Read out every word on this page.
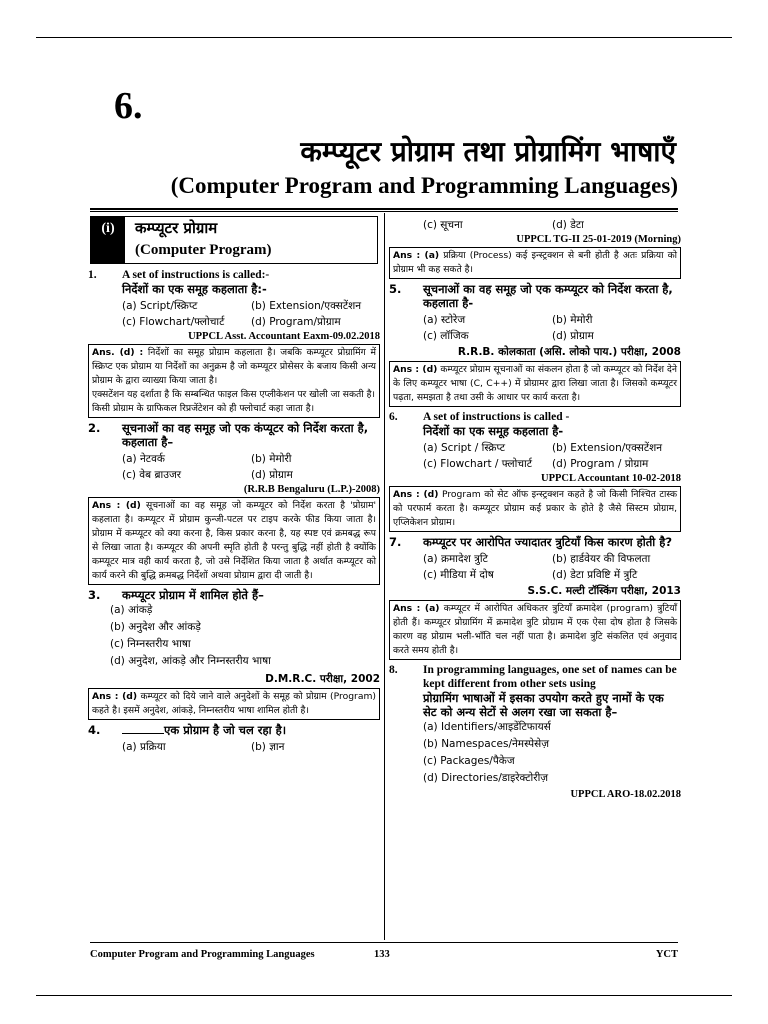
6.
कम्प्यूटर प्रोग्राम तथा प्रोग्रामिंग भाषाएँ
(Computer Program and Programming Languages)
(i)	कम्प्यूटर प्रोग्राम
(Computer Program)
1.	A set of instructions is called:-
निर्देशों का एक समूह कहलाता है:-
(a) Script/स्क्रिप्ट	(b) Extension/एक्सटेंशन
(c) Flowchart/फ्लोचार्ट	(d) Program/प्रोग्राम
UPPCL Asst. Accountant Eaxm-09.02.2018
Ans. (d) : निर्देशों का समूह प्रोग्राम कहलाता है। जबकि कम्प्यूटर प्रोग्रामिंग में स्क्रिप्ट एक प्रोग्राम या निर्देशों का अनुक्रम है जो कम्प्यूटर प्रोसेसर के बजाय किसी अन्य प्रोग्राम के द्वारा व्याख्या किया जाता है।
एक्सटेंशन यह दर्शाता है कि सम्बन्धित फाइल किस एप्लीकेशन पर खोली जा सकती है।
किसी प्रोग्राम के ग्राफिकल रिप्रजेंटेशन को ही फ्लोचार्ट कहा जाता है।
2.	सूचनाओं का वह समूह जो एक कंप्यूटर को निर्देश करता है, कहलाता है–
(a) नेटवर्क	(b) मेमोरी
(c) वेब ब्राउजर	(d) प्रोग्राम
(R.R.B Bengaluru (L.P.)-2008)
Ans : (d) सूचनाओं का वह समूह जो कम्प्यूटर को निर्देश करता है 'प्रोग्राम' कहलाता है। कम्प्यूटर में प्रोग्राम कुन्जी-पटल पर टाइप करके फीड किया जाता है। प्रोग्राम में कम्प्यूटर को क्या करना है, किस प्रकार करना है, यह स्पष्ट एवं क्रमबद्ध रूप से लिखा जाता है। कम्प्यूटर की अपनी स्मृति होती है परन्तु बुद्धि नहीं होती है क्योंकि कम्प्यूटर मात्र वही कार्य करता है, जो उसे निर्देशित किया जाता है अर्थात कम्प्यूटर को कार्य करने की बुद्धि क्रमबद्ध निर्देशों अथवा प्रोग्राम द्वारा दी जाती है।
3.	कम्प्यूटर प्रोग्राम में शामिल होते हैं–
(a) आंकड़े
(b) अनुदेश और आंकड़े
(c) निम्नस्तरीय भाषा
(d) अनुदेश, आंकड़े और निम्नस्तरीय भाषा
D.M.R.C. परीक्षा, 2002
Ans : (d) कम्प्यूटर को दिये जाने वाले अनुदेशों के समूह को प्रोग्राम (Program) कहते है। इसमें अनुदेश, आंकड़े, निम्नस्तरीय भाषा शामिल होती है।
4.	एक प्रोग्राम है जो चल रहा है।
(a) प्रक्रिया	(b) ज्ञान
(c) सूचना	(d) डेटा
UPPCL TG-II 25-01-2019 (Morning)
Ans : (a) प्रक्रिया (Process) कई इन्स्ट्रक्शन से बनी होती है अतः प्रक्रिया को प्रोग्राम भी कह सकते है।
5.	सूचनाओं का वह समूह जो एक कम्प्यूटर को निर्देश करता है, कहलाता है-
(a) स्टोरेज	(b) मेमोरी
(c) लॉजिक	(d) प्रोग्राम
R.R.B. कोलकाता (असि. लोको पाय.) परीक्षा, 2008
Ans : (d) कम्प्यूटर प्रोग्राम सूचनाओं का संकलन होता है जो कम्प्यूटर को निर्देश देने के लिए कम्प्यूटर भाषा (C, C++) में प्रोग्रामर द्वारा लिखा जाता है। जिसको कम्प्यूटर पढ़ता, समझता है तथा उसी के आधार पर कार्य करता है।
6.	A set of instructions is called -
निर्देशों का एक समूह कहलाता है-
(a) Script / स्क्रिप्ट	(b) Extension/एक्सटेंशन
(c) Flowchart / फ्लोचार्ट	(d) Program / प्रोग्राम
UPPCL Accountant 10-02-2018
Ans : (d) Program को सेट ऑफ इन्स्ट्रक्शन कहते है जो किसी निश्चित टास्क को परफार्म करता है। कम्प्यूटर प्रोग्राम कई प्रकार के होते है जैसे सिस्टम प्रोग्राम, एप्लिकेशन प्रोग्राम।
7.	कम्प्यूटर पर आरोपित ज्यादातर त्रुटियाँ किस कारण होती है?
(a) क्रमादेश त्रुटि	(b) हार्डवेयर की विफलता
(c) मीडिया में दोष	(d) डेटा प्रविष्टि में त्रुटि
S.S.C. मल्टी टॉस्किंग परीक्षा, 2013
Ans : (a) कम्प्यूटर में आरोपित अधिकतर त्रुटियाँ क्रमादेश (program) त्रुटियाँ होती हैं। कम्प्यूटर प्रोग्रामिंग में क्रमादेश त्रुटि प्रोग्राम में एक ऐसा दोष होता है जिसके कारण वह प्रोग्राम भली-भाँति चल नहीं पाता है। क्रमादेश त्रुटि संकलित एवं अनुवाद करते समय होती है।
8.	In programming languages, one set of names can be kept different from other sets using
प्रोग्रामिंग भाषाओं में इसका उपयोग करते हुए नामों के एक सेट को अन्य सेटों से अलग रखा जा सकता है–
(a) Identifiers/आइडेंटिफायर्स
(b) Namespaces/नेमस्पेसेज़
(c) Packages/पैकेज
(d) Directories/डाइरेक्टोरीज़
UPPCL ARO-18.02.2018
Computer Program and Programming Languages	133	YCT
